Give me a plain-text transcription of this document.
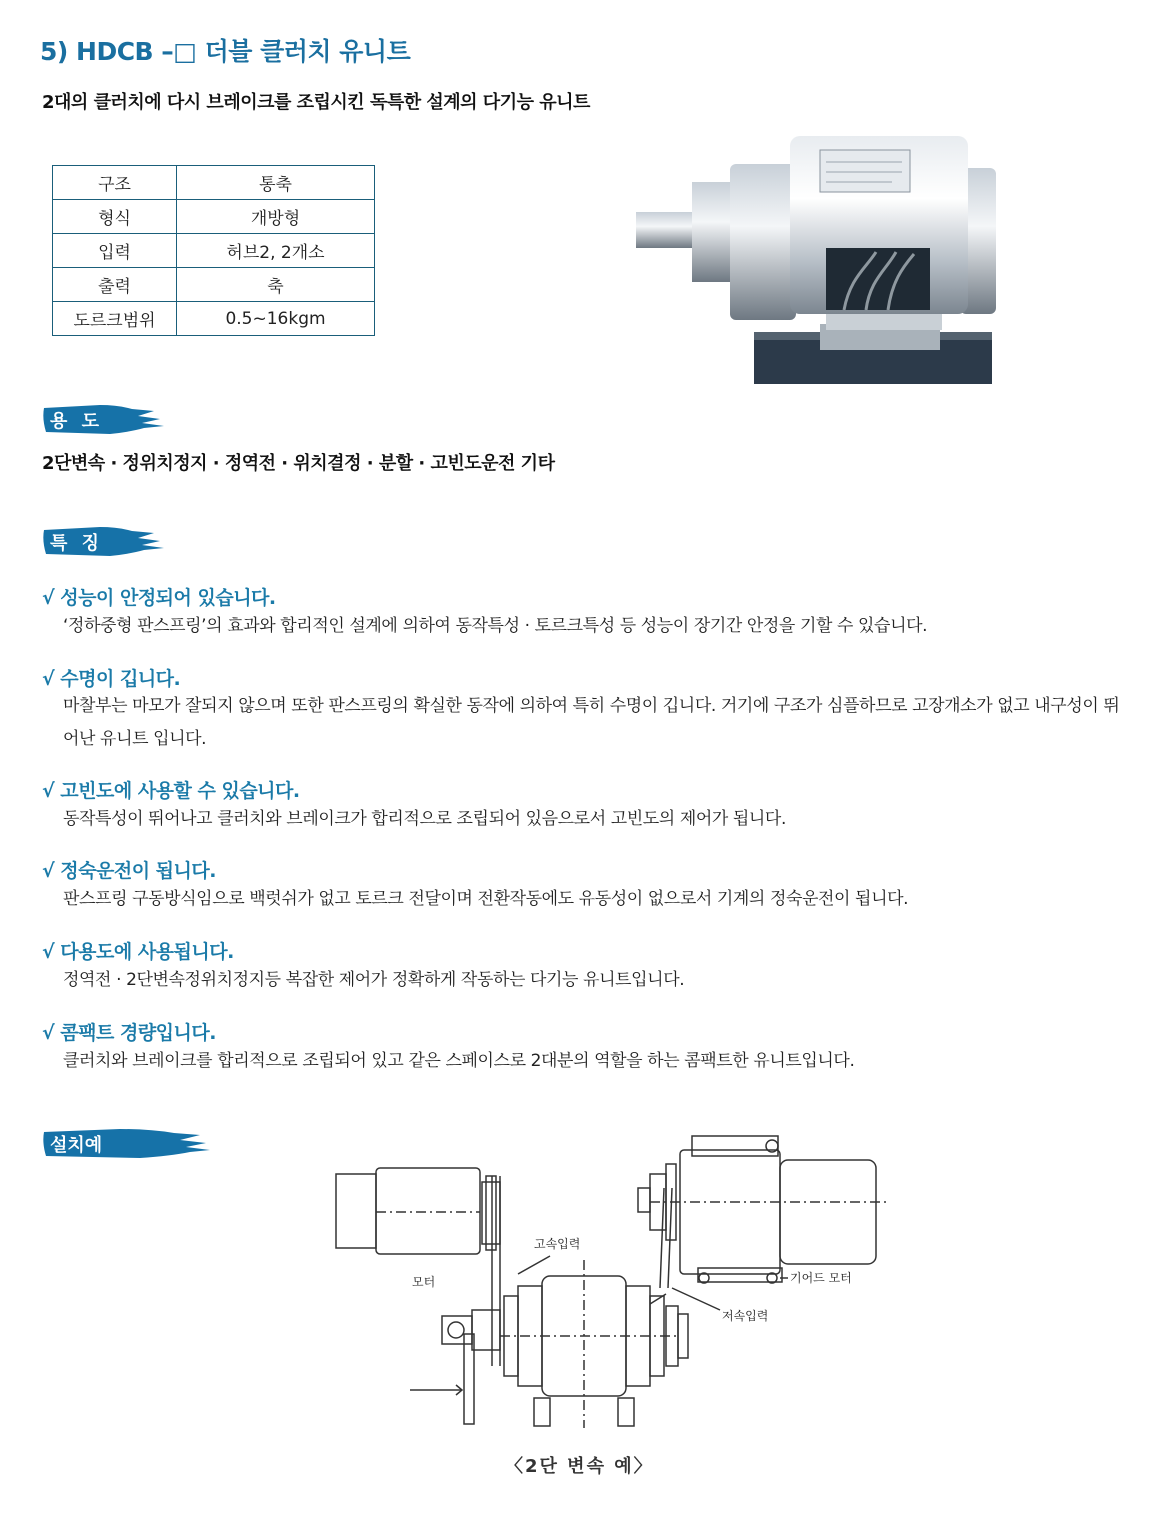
5) HDCB –□ 더블 클러치 유니트
2대의 클러치에 다시 브레이크를 조립시킨 독특한 설계의 다기능 유니트
구조	통축
형식	개방형
입력	허브2, 2개소
출력	축
도르크범위	0.5~16kgm
용 도
2단변속 · 정위치정지 · 정역전 · 위치결정 · 분할 · 고빈도운전 기타
특 징
√ 성능이 안정되어 있습니다.
‘정하중형 판스프링’의 효과와 합리적인 설계에 의하여 동작특성 · 토르크특성 등 성능이 장기간 안정을 기할 수 있습니다.
√ 수명이 깁니다.
마찰부는 마모가 잘되지 않으며 또한 판스프링의 확실한 동작에 의하여 특히 수명이 깁니다. 거기에 구조가 심플하므로 고장개소가 없고 내구성이 뛰어난 유니트 입니다.
√ 고빈도에 사용할 수 있습니다.
동작특성이 뛰어나고 클러치와 브레이크가 합리적으로 조립되어 있음으로서 고빈도의 제어가 됩니다.
√ 정숙운전이 됩니다.
판스프링 구동방식임으로 백럿쉬가 없고 토르크 전달이며 전환작동에도 유동성이 없으로서 기계의 정숙운전이 됩니다.
√ 다용도에 사용됩니다.
정역전 · 2단변속정위치정지등 복잡한 제어가 정확하게 작동하는 다기능 유니트입니다.
√ 콤팩트 경량입니다.
클러치와 브레이크를 합리적으로 조립되어 있고 같은 스페이스로 2대분의 역할을 하는 콤팩트한 유니트입니다.
설치예
고속입력
모터	기어드 모터
저속입력
〈2단 변속 예〉
